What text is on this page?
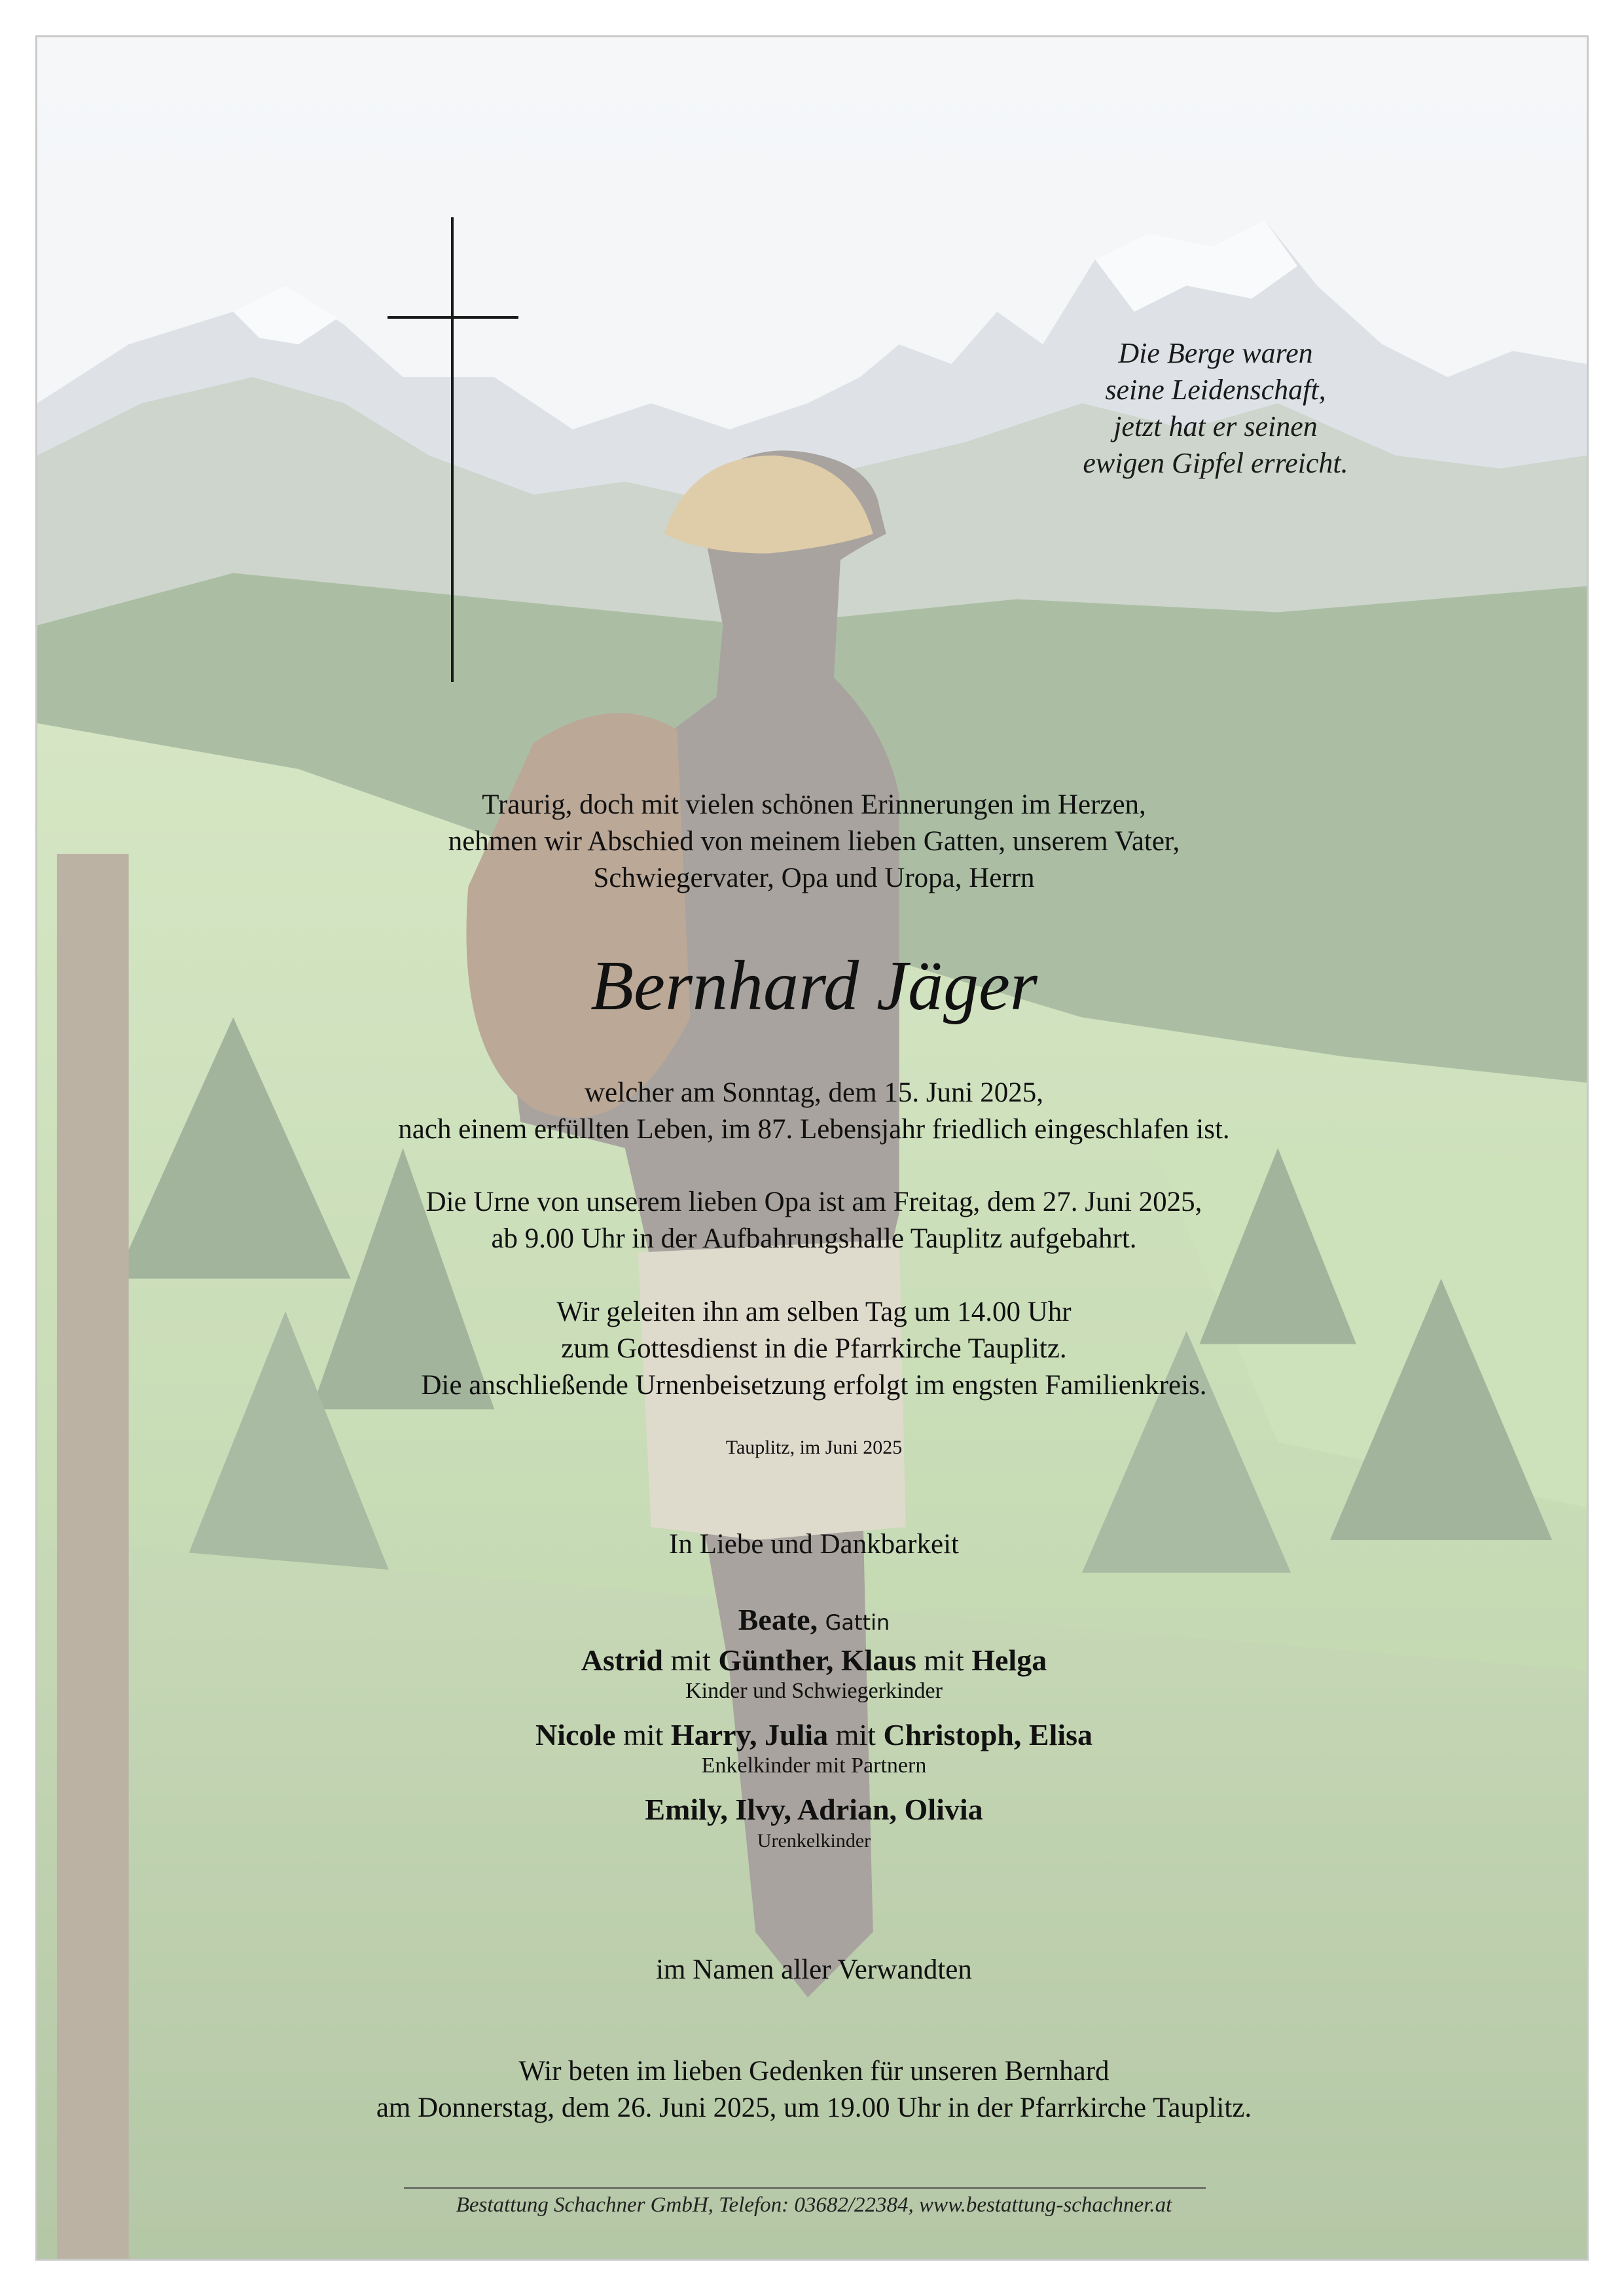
Die Berge waren
seine Leidenschaft,
jetzt hat er seinen
ewigen Gipfel erreicht.

Traurig, doch mit vielen schönen Erinnerungen im Herzen,

nehmen wir Abschied von meinem lieben Gatten, unserem Vater,

Schwiegervater, Opa und Uropa, Herrn

Bernhard Jäger

welcher am Sonntag, dem 15. Juni 2025,

nach einem erfüllten Leben, im 87. Lebensjahr friedlich eingeschlafen ist.

Die Urne von unserem lieben Opa ist am Freitag, dem 27. Juni 2025,

ab 9.00 Uhr in der Aufbahrungshalle Tauplitz aufgebahrt.

Wir geleiten ihn am selben Tag um 14.00 Uhr

zum Gottesdienst in die Pfarrkirche Tauplitz.

Die anschließende Urnenbeisetzung erfolgt im engsten Familienkreis.

Tauplitz, im Juni 2025

In Liebe und Dankbarkeit

Beate, Gattin
Astrid mit Günther, Klaus mit Helga
Kinder und Schwiegerkinder
Nicole mit Harry, Julia mit Christoph, Elisa
Enkelkinder mit Partnern
Emily, Ilvy, Adrian, Olivia
Urenkelkinder

im Namen aller Verwandten

Wir beten im lieben Gedenken für unseren Bernhard

am Donnerstag, dem 26. Juni 2025, um 19.00 Uhr in der Pfarrkirche Tauplitz.

Bestattung Schachner GmbH, Telefon: 03682/22384, www.bestattung-schachner.at
